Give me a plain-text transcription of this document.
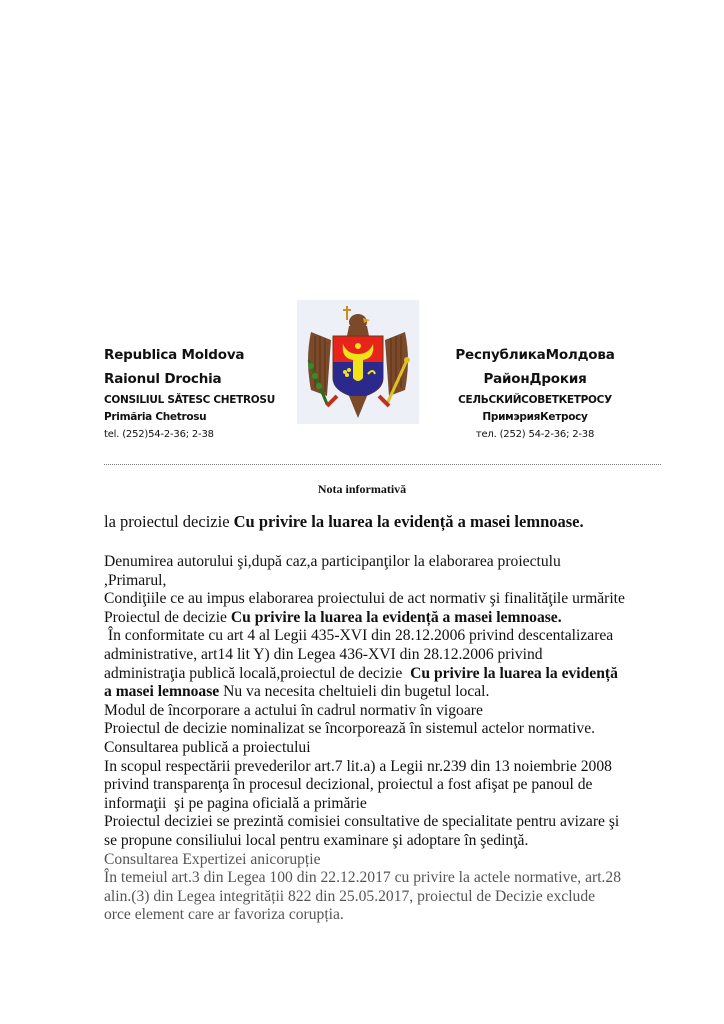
Republica Moldova
Raionul Drochia
CONSILIUL SĂTESC CHETROSU
Primăria Chetrosu
tel. (252)54-2-36; 2-38
РеспубликаМолдова
РайонДрокия
СЕЛЬСКИЙСОВЕТКЕТРОСУ
ПримэрияКетросу
тел. (252) 54-2-36; 2-38
Nota informativă

la proiectul decizie Cu privire la luarea la evidență a masei lemnoase.

Denumirea autorului şi,după caz,a participanţilor la elaborarea proiectulu

,Primarul,

Condiţiile ce au impus elaborarea proiectului de act normativ şi finalităţile urmărite

Proiectul de decizie Cu privire la luarea la evidență a masei lemnoase.

În conformitate cu art 4 al Legii 435-XVI din 28.12.2006 privind descentalizarea

administrative, art14 lit Y) din Legea 436-XVI din 28.12.2006 privind

administraţia publică locală,proiectul de decizie  Cu privire la luarea la evidență

a masei lemnoase Nu va necesita cheltuieli din bugetul local.

Modul de încorporare a actului în cadrul normativ în vigoare

Proiectul de decizie nominalizat se încorporează în sistemul actelor normative.

Consultarea publică a proiectului

In scopul respectării prevederilor art.7 lit.a) a Legii nr.239 din 13 noiembrie 2008

privind transparenţa în procesul decizional, proiectul a fost afişat pe panoul de

informaţii  şi pe pagina oficială a primărie

Proiectul deciziei se prezintă comisiei consultative de specialitate pentru avizare şi

se propune consiliului local pentru examinare şi adoptare în şedinţă.

Consultarea Expertizei anicorupție

În temeiul art.3 din Legea 100 din 22.12.2017 cu privire la actele normative, art.28

alin.(3) din Legea integrității 822 din 25.05.2017, proiectul de Decizie exclude

orce element care ar favoriza corupția.
